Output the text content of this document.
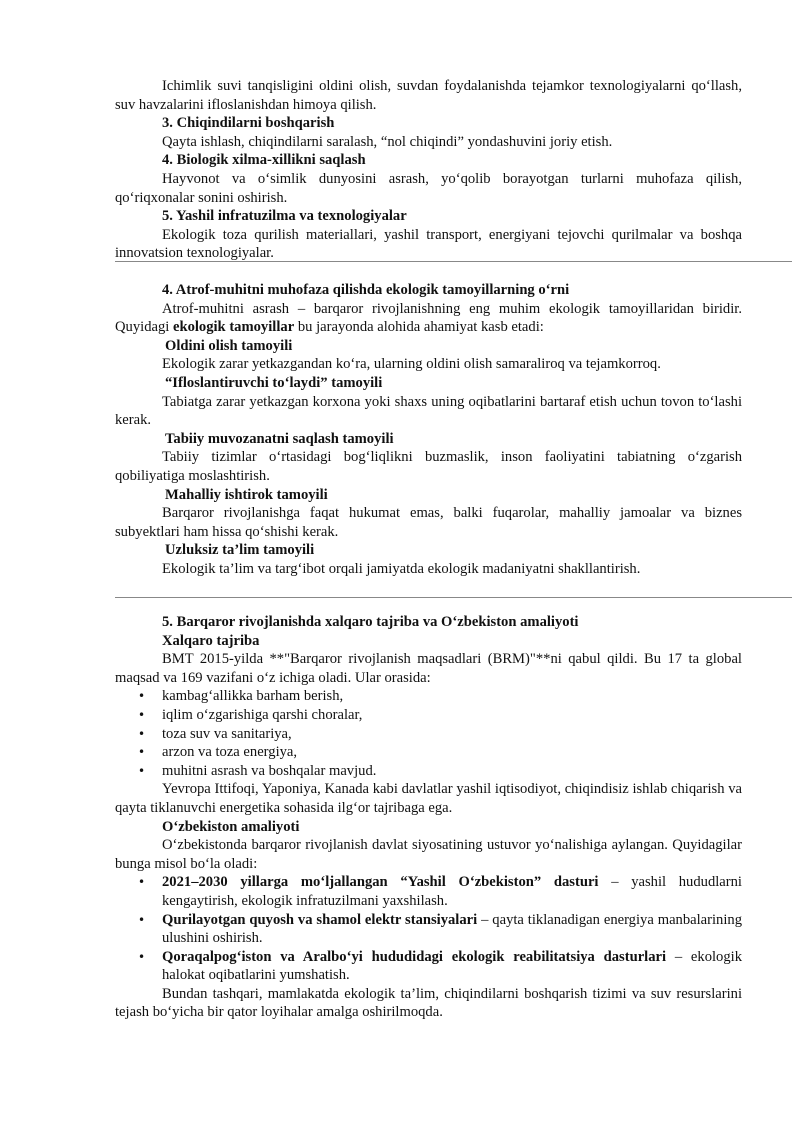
Ichimlik suvi tanqisligini oldini olish, suvdan foydalanishda tejamkor texnologiyalarni qo‘llash, suv havzalarini ifloslanishdan himoya qilish.

3. Chiqindilarni boshqarish

Qayta ishlash, chiqindilarni saralash, “nol chiqindi” yondashuvini joriy etish.

4. Biologik xilma-xillikni saqlash

Hayvonot va o‘simlik dunyosini asrash, yo‘qolib borayotgan turlarni muhofaza qilish, qo‘riqxonalar sonini oshirish.

5. Yashil infratuzilma va texnologiyalar

Ekologik toza qurilish materiallari, yashil transport, energiyani tejovchi qurilmalar va boshqa innovatsion texnologiyalar.

4. Atrof-muhitni muhofaza qilishda ekologik tamoyillarning o‘rni

Atrof-muhitni asrash – barqaror rivojlanishning eng muhim ekologik tamoyillaridan biridir. Quyidagi ekologik tamoyillar bu jarayonda alohida ahamiyat kasb etadi:

Oldini olish tamoyili

Ekologik zarar yetkazgandan ko‘ra, ularning oldini olish samaraliroq va tejamkorroq.

“Ifloslantiruvchi to‘laydi” tamoyili

Tabiatga zarar yetkazgan korxona yoki shaxs uning oqibatlarini bartaraf etish uchun tovon to‘lashi kerak.

Tabiiy muvozanatni saqlash tamoyili

Tabiiy tizimlar o‘rtasidagi bog‘liqlikni buzmaslik, inson faoliyatini tabiatning o‘zgarish qobiliyatiga moslashtirish.

Mahalliy ishtirok tamoyili

Barqaror rivojlanishga faqat hukumat emas, balki fuqarolar, mahalliy jamoalar va biznes subyektlari ham hissa qo‘shishi kerak.

Uzluksiz ta’lim tamoyili

Ekologik ta’lim va targ‘ibot orqali jamiyatda ekologik madaniyatni shakllantirish.

5. Barqaror rivojlanishda xalqaro tajriba va O‘zbekiston amaliyoti

Xalqaro tajriba

BMT 2015-yilda **"Barqaror rivojlanish maqsadlari (BRM)"**ni qabul qildi. Bu 17 ta global maqsad va 169 vazifani o‘z ichiga oladi. Ular orasida:

• kambag‘allikka barham berish,
• iqlim o‘zgarishiga qarshi choralar,
• toza suv va sanitariya,
• arzon va toza energiya,
• muhitni asrash va boshqalar mavjud.

Yevropa Ittifoqi, Yaponiya, Kanada kabi davlatlar yashil iqtisodiyot, chiqindisiz ishlab chiqarish va qayta tiklanuvchi energetika sohasida ilg‘or tajribaga ega.

O‘zbekiston amaliyoti

O‘zbekistonda barqaror rivojlanish davlat siyosatining ustuvor yo‘nalishiga aylangan. Quyidagilar bunga misol bo‘la oladi:

• 2021–2030 yillarga mo‘ljallangan “Yashil O‘zbekiston” dasturi – yashil hududlarni kengaytirish, ekologik infratuzilmani yaxshilash.
• Qurilayotgan quyosh va shamol elektr stansiyalari – qayta tiklanadigan energiya manbalarining ulushini oshirish.
• Qoraqalpog‘iston va Aralbo‘yi hududidagi ekologik reabilitatsiya dasturlari – ekologik halokat oqibatlarini yumshatish.

Bundan tashqari, mamlakatda ekologik ta’lim, chiqindilarni boshqarish tizimi va suv resurslarini tejash bo‘yicha bir qator loyihalar amalga oshirilmoqda.
